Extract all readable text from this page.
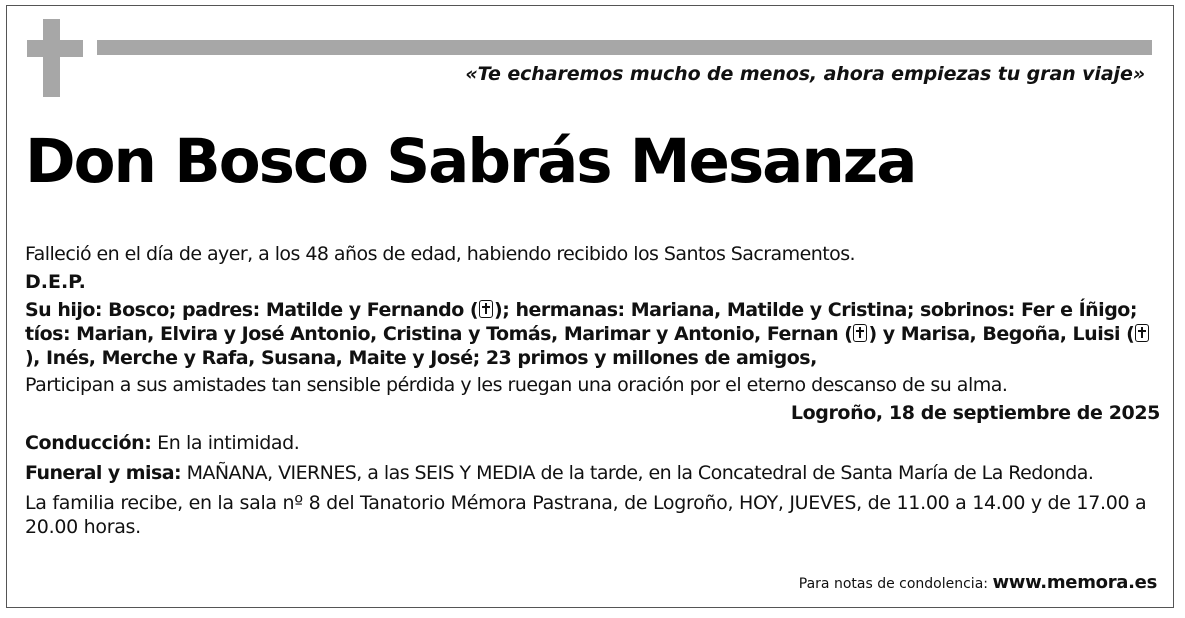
«Te echaremos mucho de menos, ahora empiezas tu gran viaje»
Don Bosco Sabrás Mesanza

Falleció en el día de ayer, a los 48 años de edad, habiendo recibido los Santos Sacramentos.

D.E.P.

Su hijo: Bosco; padres: Matilde y Fernando ( ); hermanas: Mariana, Matilde y Cristina; sobrinos: Fer e Íñigo; tíos: Marian, Elvira y José Antonio, Cristina y Tomás, Marimar y Antonio, Fernan ( ) y Marisa, Begoña, Luisi (), Inés, Merche y Rafa, Susana, Maite y José; 23 primos y millones de amigos,

Participan a sus amistades tan sensible pérdida y les ruegan una oración por el eterno descanso de su alma.

Logroño, 18 de septiembre de 2025

Conducción: En la intimidad.

Funeral y misa: MAÑANA, VIERNES, a las SEIS Y MEDIA de la tarde, en la Concatedral de Santa María de La Redonda.

La familia recibe, en la sala nº 8 del Tanatorio Mémora Pastrana, de Logroño, HOY, JUEVES, de 11.00 a 14.00 y de 17.00 a 20.00 horas.

Para notas de condolencia: www.memora.es
